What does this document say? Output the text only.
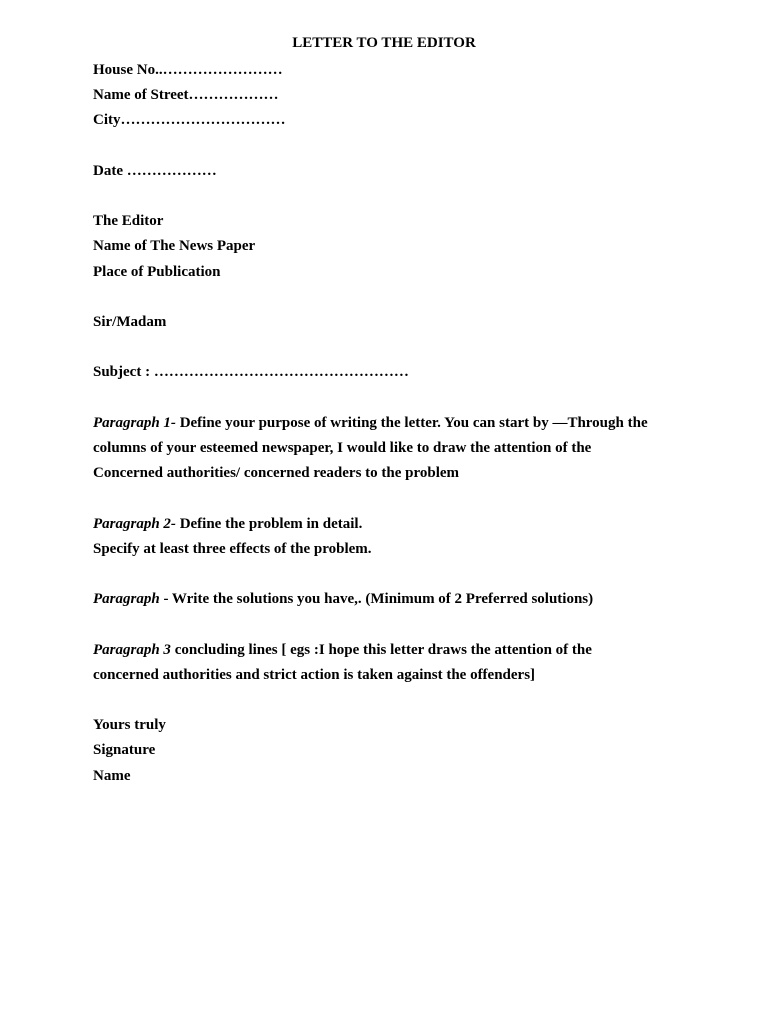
LETTER TO THE EDITOR

House No..……………………

Name of Street………………

City……………………………

Date ………………

The Editor

Name of The News Paper

Place of Publication

Sir/Madam

Subject : ……………………………………………

Paragraph 1- Define your purpose of writing the letter. You can start by —Through the

columns of your esteemed newspaper, I would like to draw the attention of the

Concerned authorities/ concerned readers to the problem

Paragraph 2- Define the problem in detail.

Specify at least three effects of the problem.

Paragraph - Write the solutions you have,. (Minimum of 2 Preferred solutions)

Paragraph 3 concluding lines [ egs :I hope this letter draws the attention of the

concerned authorities and strict action is taken against the offenders]

Yours truly

Signature

Name
